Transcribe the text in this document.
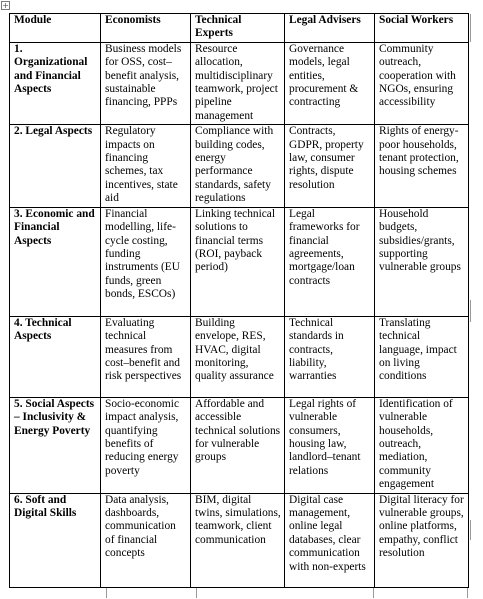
+
Module	Economists	Technical Experts	Legal Advisers	Social Workers
1. Organizational and Financial Aspects	Business models for OSS, cost–benefit analysis, sustainable financing, PPPs	Resource allocation, multidisciplinary teamwork, project pipeline management	Governance models, legal entities, procurement & contracting	Community outreach, cooperation with NGOs, ensuring accessibility
2. Legal Aspects	Regulatory impacts on financing schemes, tax incentives, state aid	Compliance with building codes, energy performance standards, safety regulations	Contracts, GDPR, property law, consumer rights, dispute resolution	Rights of energy-poor households, tenant protection, housing schemes
3. Economic and Financial Aspects	Financial modelling, life-cycle costing, funding instruments (EU funds, green bonds, ESCOs)	Linking technical solutions to financial terms (ROI, payback period)	Legal frameworks for financial agreements, mortgage/loan contracts	Household budgets, subsidies/grants, supporting vulnerable groups
4. Technical Aspects	Evaluating technical measures from cost–benefit and risk perspectives	Building envelope, RES, HVAC, digital monitoring, quality assurance	Technical standards in contracts, liability, warranties	Translating technical language, impact on living conditions
5. Social Aspects – Inclusivity & Energy Poverty	Socio-economic impact analysis, quantifying benefits of reducing energy poverty	Affordable and accessible technical solutions for vulnerable groups	Legal rights of vulnerable consumers, housing law, landlord–tenant relations	Identification of vulnerable households, outreach, mediation, community engagement
6. Soft and Digital Skills	Data analysis, dashboards, communication of financial concepts	BIM, digital twins, simulations, teamwork, client communication	Digital case management, online legal databases, clear communication with non-experts	Digital literacy for vulnerable groups, online platforms, empathy, conflict resolution
